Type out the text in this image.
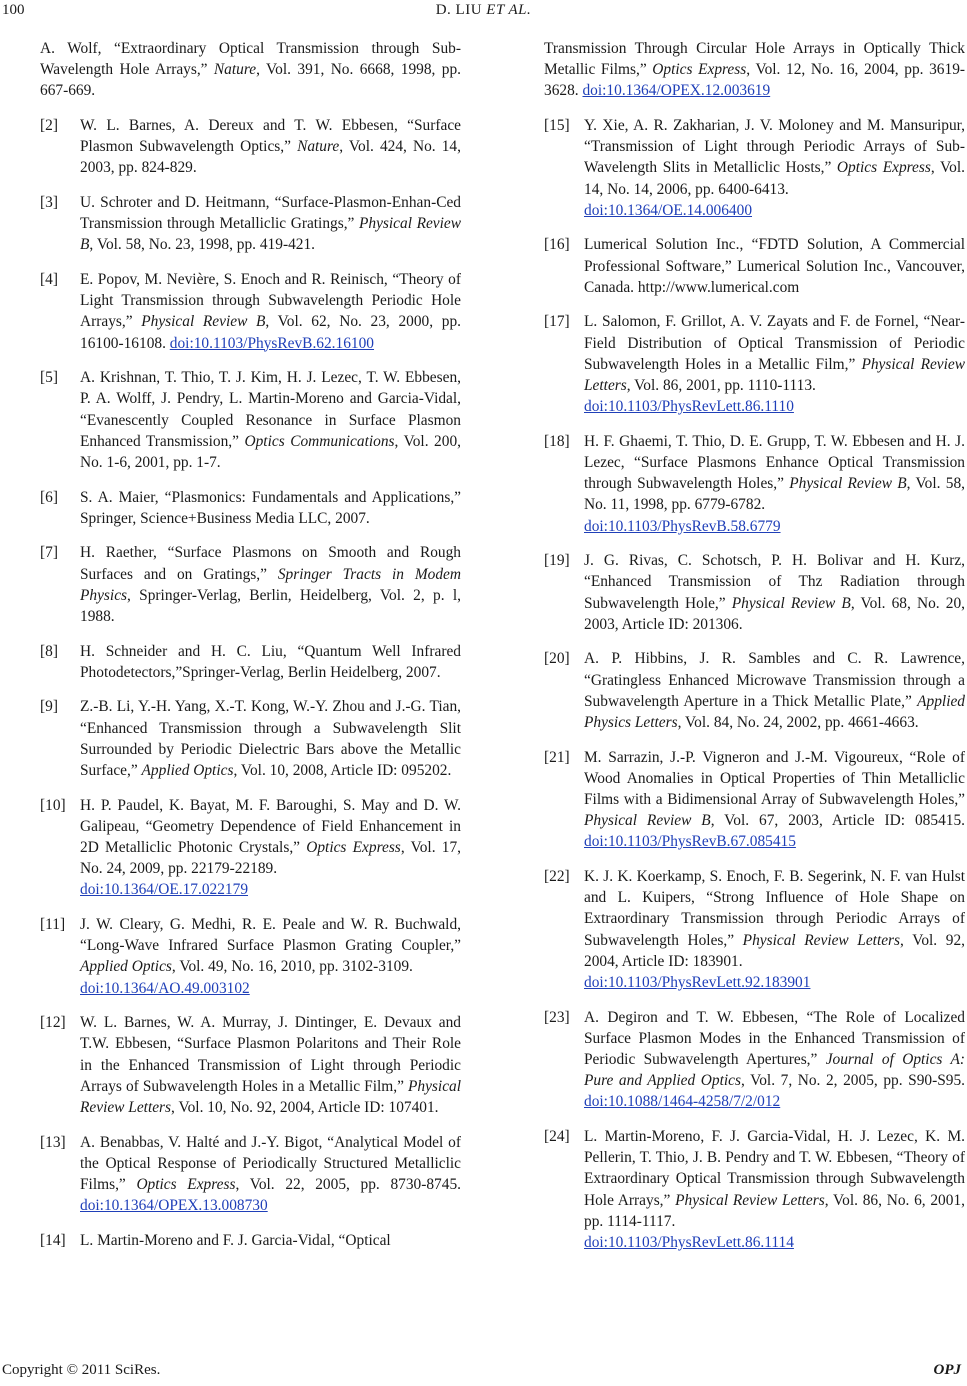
100	D. LIU ET AL.
A. Wolf, “Extraordinary Optical Transmission through Sub-Wavelength Hole Arrays,” Nature, Vol. 391, No. 6668, 1998, pp. 667-669.
[2] W. L. Barnes, A. Dereux and T. W. Ebbesen, “Surface Plasmon Subwavelength Optics,” Nature, Vol. 424, No. 14, 2003, pp. 824-829.
[3] U. Schroter and D. Heitmann, “Surface-Plasmon-Enhan-Ced Transmission through Metalliclic Gratings,” Physical Review B, Vol. 58, No. 23, 1998, pp. 419-421.
[4] E. Popov, M. Nevière, S. Enoch and R. Reinisch, “Theory of Light Transmission through Subwavelength Periodic Hole Arrays,” Physical Review B, Vol. 62, No. 23, 2000, pp. 16100-16108. doi:10.1103/PhysRevB.62.16100
[5] A. Krishnan, T. Thio, T. J. Kim, H. J. Lezec, T. W. Ebbesen, P. A. Wolff, J. Pendry, L. Martin-Moreno and Garcia-Vidal, “Evanescently Coupled Resonance in Surface Plasmon Enhanced Transmission,” Optics Communications, Vol. 200, No. 1-6, 2001, pp. 1-7.
[6] S. A. Maier, “Plasmonics: Fundamentals and Applications,” Springer, Science+Business Media LLC, 2007.
[7] H. Raether, “Surface Plasmons on Smooth and Rough Surfaces and on Gratings,” Springer Tracts in Modem Physics, Springer-Verlag, Berlin, Heidelberg, Vol. 2, p. l, 1988.
[8] H. Schneider and H. C. Liu, “Quantum Well Infrared Photodetectors,”Springer-Verlag, Berlin Heidelberg, 2007.
[9] Z.-B. Li, Y.-H. Yang, X.-T. Kong, W.-Y. Zhou and J.-G. Tian, “Enhanced Transmission through a Subwavelength Slit Surrounded by Periodic Dielectric Bars above the Metallic Surface,” Applied Optics, Vol. 10, 2008, Article ID: 095202.
[10] H. P. Paudel, K. Bayat, M. F. Baroughi, S. May and D. W. Galipeau, “Geometry Dependence of Field Enhancement in 2D Metalliclic Photonic Crystals,” Optics Express, Vol. 17, No. 24, 2009, pp. 22179-22189.
doi:10.1364/OE.17.022179
[11] J. W. Cleary, G. Medhi, R. E. Peale and W. R. Buchwald, “Long-Wave Infrared Surface Plasmon Grating Coupler,” Applied Optics, Vol. 49, No. 16, 2010, pp. 3102-3109.
doi:10.1364/AO.49.003102
[12] W. L. Barnes, W. A. Murray, J. Dintinger, E. Devaux and T.W. Ebbesen, “Surface Plasmon Polaritons and Their Role in the Enhanced Transmission of Light through Periodic Arrays of Subwavelength Holes in a Metallic Film,” Physical Review Letters, Vol. 10, No. 92, 2004, Article ID: 107401.
[13] A. Benabbas, V. Halté and J.-Y. Bigot, “Analytical Model of the Optical Response of Periodically Structured Metalliclic Films,” Optics Express, Vol. 22, 2005, pp. 8730-8745. doi:10.1364/OPEX.13.008730
[14] L. Martin-Moreno and F. J. Garcia-Vidal, “Optical
Transmission Through Circular Hole Arrays in Optically Thick Metallic Films,” Optics Express, Vol. 12, No. 16, 2004, pp. 3619-3628. doi:10.1364/OPEX.12.003619
[15] Y. Xie, A. R. Zakharian, J. V. Moloney and M. Mansuripur, “Transmission of Light through Periodic Arrays of Sub-Wavelength Slits in Metalliclic Hosts,” Optics Express, Vol. 14, No. 14, 2006, pp. 6400-6413.
doi:10.1364/OE.14.006400
[16] Lumerical Solution Inc., “FDTD Solution, A Commercial Professional Software,” Lumerical Solution Inc., Vancouver, Canada. http://www.lumerical.com
[17] L. Salomon, F. Grillot, A. V. Zayats and F. de Fornel, “Near-Field Distribution of Optical Transmission of Periodic Subwavelength Holes in a Metallic Film,” Physical Review Letters, Vol. 86, 2001, pp. 1110-1113.
doi:10.1103/PhysRevLett.86.1110
[18] H. F. Ghaemi, T. Thio, D. E. Grupp, T. W. Ebbesen and H. J. Lezec, “Surface Plasmons Enhance Optical Transmission through Subwavelength Holes,” Physical Review B, Vol. 58, No. 11, 1998, pp. 6779-6782.
doi:10.1103/PhysRevB.58.6779
[19] J. G. Rivas, C. Schotsch, P. H. Bolivar and H. Kurz, “Enhanced Transmission of Thz Radiation through Subwavelength Hole,” Physical Review B, Vol. 68, No. 20, 2003, Article ID: 201306.
[20] A. P. Hibbins, J. R. Sambles and C. R. Lawrence, “Gratingless Enhanced Microwave Transmission through a Subwavelength Aperture in a Thick Metallic Plate,” Applied Physics Letters, Vol. 84, No. 24, 2002, pp. 4661-4663.
[21] M. Sarrazin, J.-P. Vigneron and J.-M. Vigoureux, “Role of Wood Anomalies in Optical Properties of Thin Metalliclic Films with a Bidimensional Array of Subwavelength Holes,” Physical Review B, Vol. 67, 2003, Article ID: 085415. doi:10.1103/PhysRevB.67.085415
[22] K. J. K. Koerkamp, S. Enoch, F. B. Segerink, N. F. van Hulst and L. Kuipers, “Strong Influence of Hole Shape on Extraordinary Transmission through Periodic Arrays of Subwavelength Holes,” Physical Review Letters, Vol. 92, 2004, Article ID: 183901.
doi:10.1103/PhysRevLett.92.183901
[23] A. Degiron and T. W. Ebbesen, “The Role of Localized Surface Plasmon Modes in the Enhanced Transmission of Periodic Subwavelength Apertures,” Journal of Optics A: Pure and Applied Optics, Vol. 7, No. 2, 2005, pp. S90-S95. doi:10.1088/1464-4258/7/2/012
[24] L. Martin-Moreno, F. J. Garcia-Vidal, H. J. Lezec, K. M. Pellerin, T. Thio, J. B. Pendry and T. W. Ebbesen, “Theory of Extraordinary Optical Transmission through Subwavelength Hole Arrays,” Physical Review Letters, Vol. 86, No. 6, 2001, pp. 1114-1117.
doi:10.1103/PhysRevLett.86.1114
Copyright © 2011 SciRes.	OPJ
